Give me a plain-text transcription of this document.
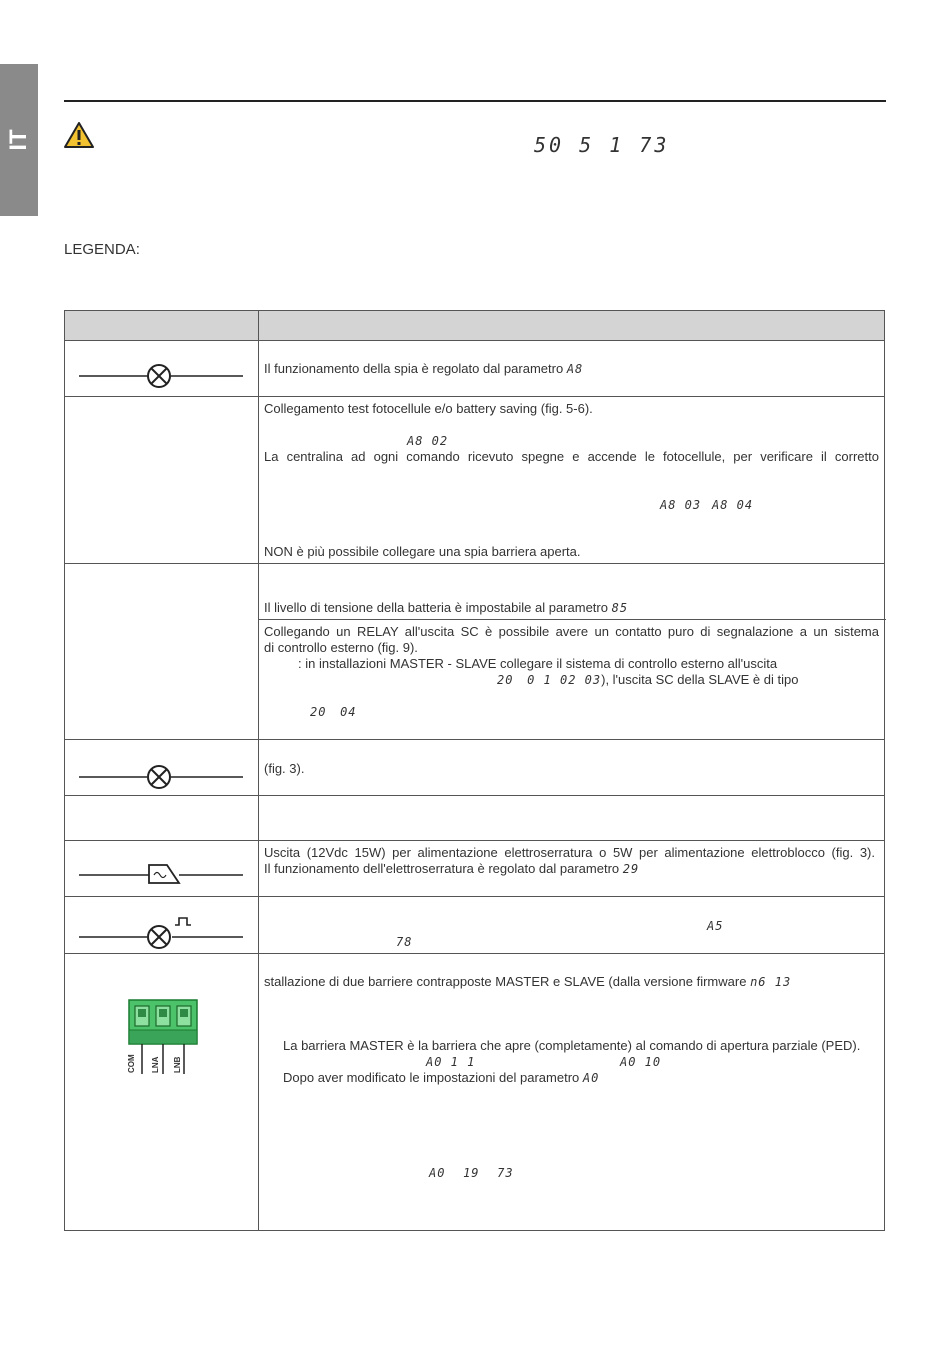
IT	50 5 1 73
LEGENDA:
Il funzionamento della spia è regolato dal parametro A8
Collegamento test fotocellule e/o battery saving (fig. 5-6).
A8 02
La centralina ad ogni comando ricevuto spegne e accende le fotocellule, per verificare il corretto
A8 03 A8 04
NON è più possibile collegare una spia barriera aperta.
Il livello di tensione della batteria è impostabile al parametro 85
Collegando un RELAY all'uscita SC è possibile avere un contatto puro di segnalazione a un sistema
di controllo esterno (fig. 9).
: in installazioni MASTER - SLAVE collegare il sistema di controllo esterno all'uscita
20 0 1 02 03), l'uscita SC della SLAVE è di tipo
20 04
(fig. 3).
Uscita (12Vdc 15W) per alimentazione elettroserratura o 5W per alimentazione elettroblocco (fig. 3).
Il funzionamento dell'elettroserratura è regolato dal parametro 29
A5
78
COM LNA LNB
stallazione di due barriere contrapposte MASTER e SLAVE (dalla versione firmware n6 13
La barriera MASTER è la barriera che apre (completamente) al comando di apertura parziale (PED).
A0 1 1	A0 10
Dopo aver modificato le impostazioni del parametro A0
A0 19 73
